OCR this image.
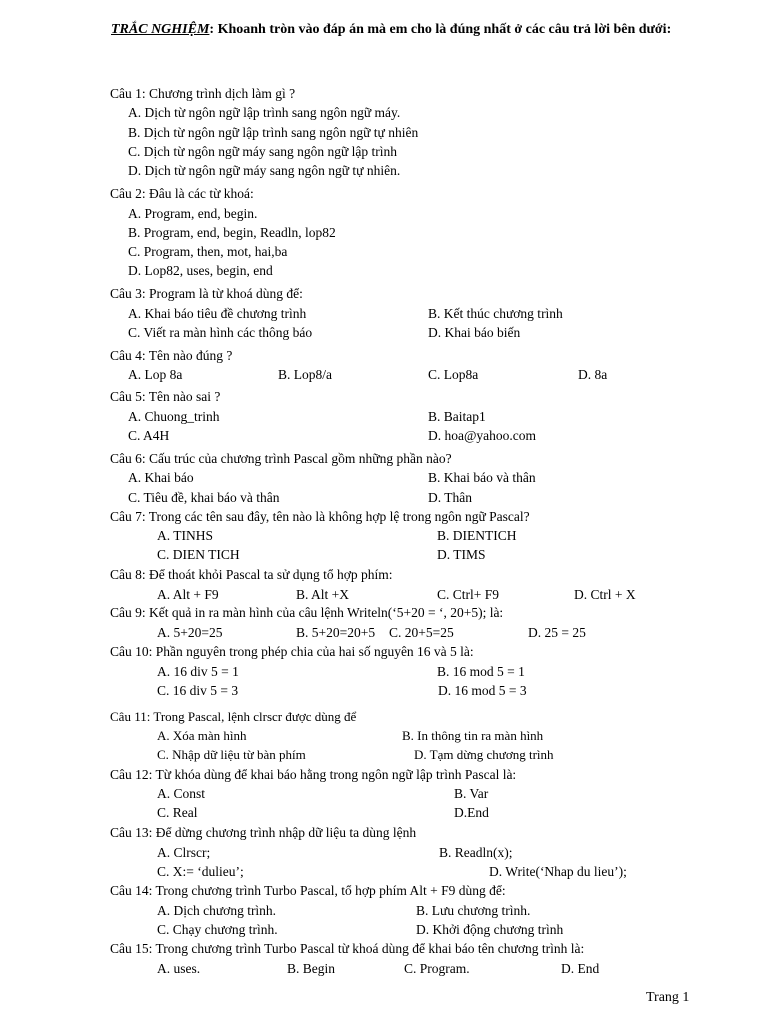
TRẮC NGHIỆM: Khoanh tròn vào đáp án mà em cho là đúng nhất ở các câu trả lời bên dưới:
Câu 1: Chương trình dịch làm gì ?
A. Dịch từ ngôn ngữ lập trình sang ngôn ngữ máy.
B. Dịch từ ngôn ngữ lập trình sang ngôn ngữ tự nhiên
C. Dịch từ ngôn ngữ máy sang ngôn ngữ lập trình
D. Dịch từ ngôn ngữ máy sang ngôn ngữ tự nhiên.
Câu 2: Đâu là các từ khoá:
A. Program, end, begin.
B. Program, end, begin, Readln, lop82
C. Program, then, mot, hai,ba
D. Lop82, uses, begin, end
Câu 3: Program là từ khoá dùng để:
A. Khai báo tiêu đề chương trình	B. Kết thúc chương trình
C. Viết ra màn hình các thông báo	D. Khai báo biến
Câu 4: Tên nào đúng ?
A. Lop 8a	B. Lop8/a	C. Lop8a	D. 8a
Câu 5: Tên nào sai ?
A. Chuong_trinh	B. Baitap1
C. A4H	D. hoa@yahoo.com
Câu 6: Cấu trúc của chương trình Pascal gồm những phần nào?
A. Khai báo	B. Khai báo và thân
C. Tiêu đề, khai báo và thân	D. Thân
Câu 7: Trong các tên sau đây, tên nào là không hợp lệ trong ngôn ngữ Pascal?
A. TINHS	B. DIENTICH
C. DIEN TICH	D. TIMS
Câu 8: Để thoát khỏi Pascal ta sử dụng tổ hợp phím:
A. Alt + F9	B. Alt +X	C. Ctrl+ F9	D. Ctrl + X
Câu 9: Kết quả in ra màn hình của câu lệnh Writeln(‘5+20 = ‘, 20+5); là:
A. 5+20=25	B. 5+20=20+5 C. 20+5=25	D. 25 = 25
Câu 10: Phần nguyên trong phép chia của hai số nguyên 16 và 5 là:
A. 16 div 5 = 1	B. 16 mod 5 = 1
C. 16 div 5 = 3	D. 16 mod 5 = 3
Câu 11: Trong Pascal, lệnh clrscr được dùng để
A. Xóa màn hình	B. In thông tin ra màn hình
C. Nhập dữ liệu từ bàn phím	D. Tạm dừng chương trình
Câu 12: Từ khóa dùng để khai báo hằng trong ngôn ngữ lập trình Pascal là:
A. Const	B. Var
C. Real	D.End
Câu 13: Để dừng chương trình nhập dữ liệu ta dùng lệnh
A. Clrscr;	B. Readln(x);
C. X:= ‘dulieu’;	D. Write(‘Nhap du lieu’);
Câu 14: Trong chương trình Turbo Pascal, tổ hợp phím Alt + F9 dùng để:
A. Dịch chương trình.	B. Lưu chương trình.
C. Chạy chương trình.	D. Khởi động chương trình
Câu 15: Trong chương trình Turbo Pascal từ khoá dùng để khai báo tên chương trình là:
A. uses.	B. Begin	C. Program.	D. End
Trang 1
